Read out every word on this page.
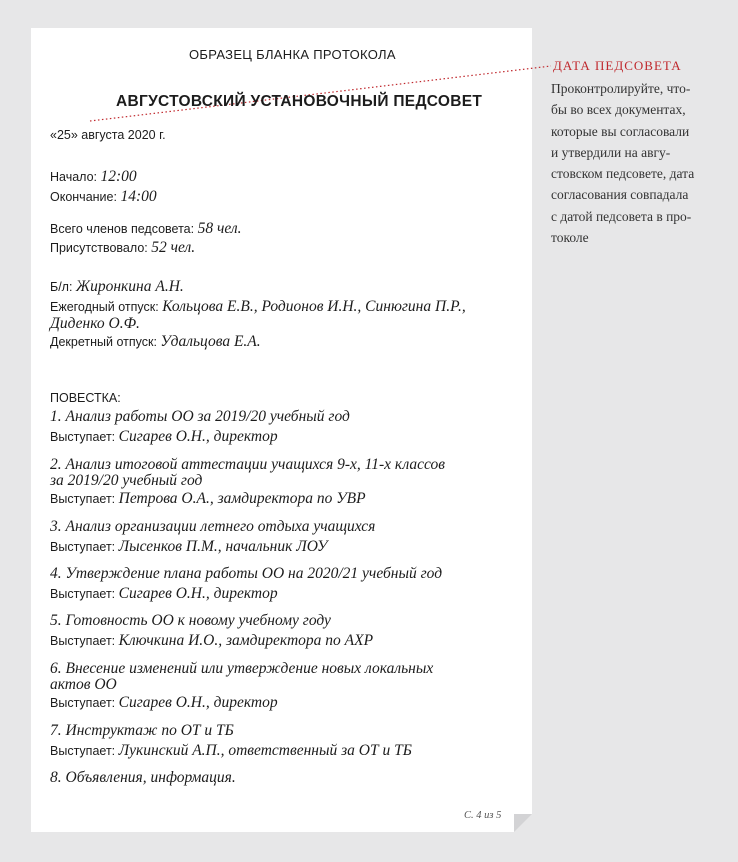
ОБРАЗЕЦ БЛАНКА ПРОТОКОЛА
АВГУСТОВСКИЙ УСТАНОВОЧНЫЙ ПЕДСОВЕТ
«25» августа 2020 г.
Начало: 12:00
Окончание: 14:00
Всего членов педсовета: 58 чел.
Присутствовало: 52 чел.
Б/л: Жиронкина А.Н.
Ежегодный отпуск: Кольцова Е.В., Родионов И.Н., Синюгина П.Р.,
Диденко О.Ф.
Декретный отпуск: Удальцова Е.А.
ПОВЕСТКА:
1. Анализ работы ОО за 2019/20 учебный год
Выступает: Сигарев О.Н., директор
2. Анализ итоговой аттестации учащихся 9-х, 11-х классов
за 2019/20 учебный год
Выступает: Петрова О.А., замдиректора по УВР
3. Анализ организации летнего отдыха учащихся
Выступает: Лысенков П.М., начальник ЛОУ
4. Утверждение плана работы ОО на 2020/21 учебный год
Выступает: Сигарев О.Н., директор
5. Готовность ОО к новому учебному году
Выступает: Ключкина И.О., замдиректора по АХР
6. Внесение изменений или утверждение новых локальных
актов ОО
Выступает: Сигарев О.Н., директор
7. Инструктаж по ОТ и ТБ
Выступает: Лукинский А.П., ответственный за ОТ и ТБ
8. Объявления, информация.
С. 4 из 5
ДАТА ПЕДСОВЕТА
Проконтролируйте, что-
бы во всех документах,
которые вы согласовали
и утвердили на авгу-
стовском педсовете, дата
согласования совпадала
с датой педсовета в про-
токоле
